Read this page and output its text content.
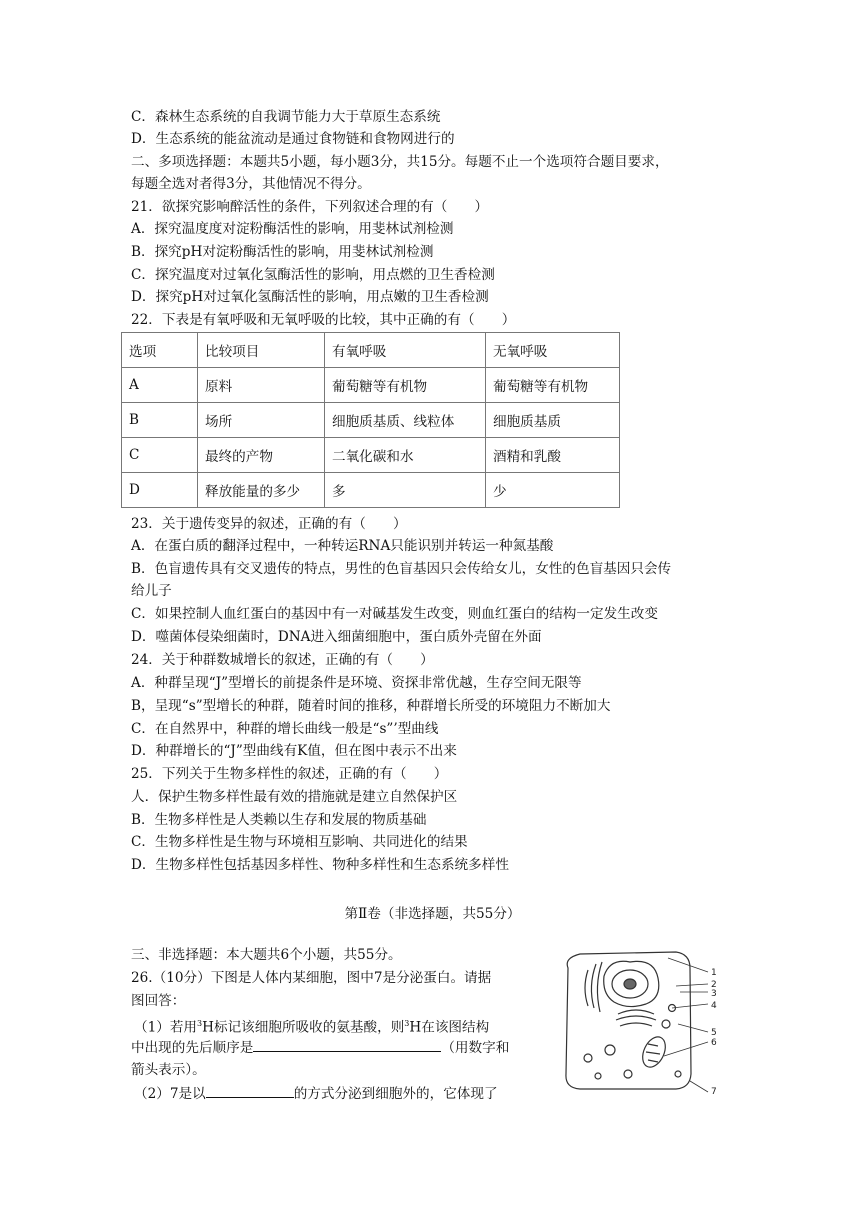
C．森林生态系统的自我调节能力大于草原生态系统
D．生态系统的能盆流动是通过食物链和食物网进行的
二、多项选择题：本题共5小题，每小题3分，共15分。每题不止一个选项符合题目要求，
每题全选对者得3分，其他情况不得分。
21．欲探究影响醉活性的条件，下列叙述合理的有（　　）
A．探究温度度对淀粉酶活性的影响，用斐林试剂检测
B．探究pH对淀粉酶活性的影响，用斐林试剂检测
C．探究温度对过氧化氢酶活性的影响，用点燃的卫生香检测
D．探究pH对过氧化氢酶活性的影响，用点嫩的卫生香检测
22．下表是有氧呼吸和无氧呼吸的比较，其中正确的有（　　）
选项	比较项目	有氧呼吸	无氧呼吸
A	原料	葡萄糖等有机物	葡萄糖等有机物
B	场所	细胞质基质、线粒体	细胞质基质
C	最终的产物	二氧化碳和水	酒精和乳酸
D	释放能量的多少	多	少
23．关于遗传变异的叙述，正确的有（　　）
A．在蛋白质的翻泽过程中，一种转运RNA只能识别并转运一种氮基酸
B．色盲遗传具有交叉遗传的特点，男性的色盲基因只会传给女儿，女性的色盲基因只会传
给儿子
C．如果控制人血红蛋白的基因中有一对碱基发生改变，则血红蛋白的结构一定发生改变
D．噬菌体侵染细菌时，DNA进入细菌细胞中，蛋白质外壳留在外面
24．关于种群数城增长的叙述，正确的有（　　）
A．种群呈现“J”型增长的前提条件是环境、资探非常优越，生存空间无限等
B，呈现“s”型增长的种群，随着时间的推移，种群增长所受的环境阻力不断加大
C．在自然界中，种群的增长曲线一般是“s”’型曲线
D．种群增长的“J”型曲线有K值，但在图中表示不出来
25．下列关于生物多样性的叙述，正确的有（　　）
人．保护生物多样性最有效的措施就是建立自然保护区
B．生物多样性是人类赖以生存和发展的物质基础
C．生物多样性是生物与环境相互影响、共同进化的结果
D．生物多样性包括基因多样性、物种多样性和生态系统多样性
第Ⅱ卷（非选择题，共55分）
三、非选择题：本大题共6个小题，共55分。
26.（10分）下图是人体内某细胞，图中7是分泌蛋白。请据
图回答：
（1）若用$^3$H标记该细胞所吸收的氨基酸，则$^3$H在该图结构
中出现的先后顺序是	（用数字和
箭头表示）。
（2）7是以	的方式分泌到细胞外的，它体现了
1
2
3
4
5
6
7
